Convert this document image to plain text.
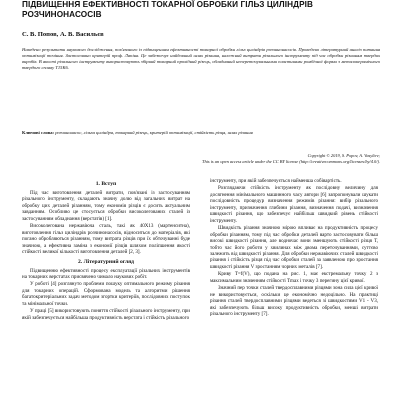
ПІДВИЩЕННЯ ЕФЕКТИВНОСТІ ТОКАРНОЇ ОБРОБКИ ГІЛЬЗ ЦИЛІНДРІВ РОЗЧИНОНАСОСІВ
С. В. Попов, А. В. Васильєв

Наведено результати наукового дослідження, пов'язаного із підвищенням ефективності токарної обробки гільз циліндрів розчинонасосів. Проведено літературний аналіз питання оптимізації точіння. Застосовано критерій проф. Лапіна. Це забезпечує найдовший шлях різання, належний витрати різального інструменту під час обробки різанням твердих виробів. В якості різального інструменту використовують збірний токарний прохідний різець, обладнаний непереточувальними пластинами ромбічної форми з металокерамічного твердого сплаву Т15К6.

Ключові слова: розчинонасос, гільза циліндра, токарний різець, критерій оптимізації, стійкість різця, шлях різання

Copyright © 2019, S. Popov, A. Vasyliev;
This is an open access article under the CC BY license (http://creativecommons.org/licenses/by/4.0/).
1. Вступ

Під час виготовлення деталей витрати, пов'язані із застосуванням різального інструменту, складають значну долю від загальних витрат на обробку цих деталей різанням, тому економія різців є досить актуальним завданням. Особливо це стосується обробки високолегованих сталей із застосуванням обладнання (верстатів) [1].

Високолегована нержавіюча сталь, такі як 40Х13 (мартенситна), виготовлення гільз циліндрів розчинонасосів, відноситься до матеріалів, які погано обробляються різанням, тому витрата різців при їх обточуванні буде значною, а ефективна заміна з економії різців шляхом поліпшення якості стійкості великої кількості виготовлення деталей [2, 3].

2. Літературний огляд

Підвищенню ефективності процесу експлуатації різальних інструментів на токарних верстатах присвячено чимало наукових робіт.

У роботі [4] розглянуто проблеми пошуку оптимального режиму різання для токарних операцій. Сформована модель та алгоритми рішення багатокритеріальних задач методом згортки критеріїв, послідовних поступок та мінімальної точки.

У праці [5] використовують поняття стійкості різального інструменту, при якій забезпечується найбільша продуктивність верстата і стійкість різального

інструменту, при якій забезпечується найменша собівартість.

Розглядаючи стійкість інструменту як послідовну величину для досягнення мінімального машинного часу автори [6] запропонували шукати послідовність процедур визначення режимів різання: вибір різального інструменту, призначення глибини різання, визначення подачі, визначення швидкості різання, що забезпечує найбільш швидкий рівень стійкості інструменту.

Швидкість різання значною мірою впливає на продуктивність процесу обробки різанням, тому під час обробки деталей варто застосовувати більш високі швидкості різання, але водночас вони зменшують стійкості різця Т, тобто час його роботи у хвилинах між двома переточуваннями, суттєво залежить від швидкості різання. Для обробки нержавіючих сталей швидкості різання і стійкість різця під час обробки сталей за заявленою про зростання швидкості різання V зростанням чорних металів [7].

Криву Т=f(V), що подана на рис. 1, має екстремальну точку 2 з максимальним значенням стійкості Tmax і точку 3 перегину цієї кривої.

Значний пер точки сталей твердосплавними різцями зона сила цієї кривої не використовується, оскільки це економічно недоцільно. На практиці різання сталей твердосплавними різцями ведеться зі швидкостями V1 - V3, які забезпечують більш високу продуктивність обробки, менші витрати різального інструменту [7].
